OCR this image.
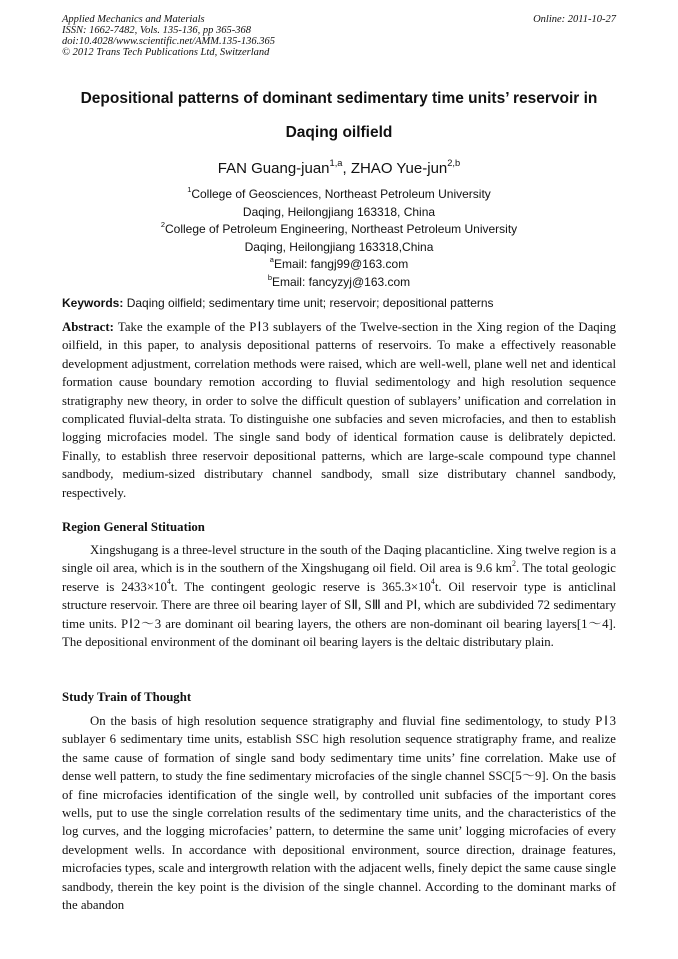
Applied Mechanics and Materials
ISSN: 1662-7482, Vols. 135-136, pp 365-368
doi:10.4028/www.scientific.net/AMM.135-136.365
© 2012 Trans Tech Publications Ltd, Switzerland
Online: 2011-10-27
Depositional patterns of dominant sedimentary time units’ reservoir in
Daqing oilfield
FAN Guang-juan$^{1,a}$, ZHAO Yue-jun$^{2,b}$
$^1$College of Geosciences, Northeast Petroleum University
Daqing, Heilongjiang 163318, China
$^2$College of Petroleum Engineering, Northeast Petroleum University
Daqing, Heilongjiang 163318,China
$^a$Email: fangj99@163.com
$^b$Email: fancyzyj@163.com
Keywords: Daqing oilfield; sedimentary time unit; reservoir; depositional patterns
Abstract: Take the example of the PⅠ3 sublayers of the Twelve-section in the Xing region of the Daqing oilfield, in this paper, to analysis depositional patterns of reservoirs. To make a effectively reasonable development adjustment, correlation methods were raised, which are well-well, plane well net and identical formation cause boundary remotion according to fluvial sedimentology and high resolution sequence stratigraphy new theory, in order to solve the difficult question of sublayers’ unification and correlation in complicated fluvial-delta strata. To distinguishe one subfacies and seven microfacies, and then to establish logging microfacies model. The single sand body of identical formation cause is delibrately depicted. Finally, to establish three reservoir depositional patterns, which are large-scale compound type channel sandbody, medium-sized distributary channel sandbody, small size distributary channel sandbody, respectively.
Region General Stituation
Xingshugang is a three-level structure in the south of the Daqing placanticline. Xing twelve region is a single oil area, which is in the southern of the Xingshugang oil field. Oil area is 9.6 $km^2$. The total geologic reserve is $2433\times 10^4t$. The contingent geologic reserve is $365.3\times 10^4t$. Oil reservoir type is anticlinal structure reservoir. There are three oil bearing layer of SⅡ, SⅢ and PⅠ, which are subdivided 72 sedimentary time units. PⅠ2～3 are dominant oil bearing layers, the others are non-dominant oil bearing layers[1～4]. The depositional environment of the dominant oil bearing layers is the deltaic distributary plain.
Study Train of Thought
On the basis of high resolution sequence stratigraphy and fluvial fine sedimentology, to study PⅠ3 sublayer 6 sedimentary time units, establish SSC high resolution sequence stratigraphy frame, and realize the same cause of formation of single sand body sedimentary time units’ fine correlation. Make use of dense well pattern, to study the fine sedimentary microfacies of the single channel SSC[5～9]. On the basis of fine microfacies identification of the single well, by controlled unit subfacies of the important cores wells, put to use the single correlation results of the sedimentary time units, and the characteristics of the log curves, and the logging microfacies’ pattern, to determine the same unit’ logging microfacies of every development wells. In accordance with depositional environment, source direction, drainage features, microfacies types, scale and intergrowth relation with the adjacent wells, finely depict the same cause single sandbody, therein the key point is the division of the single channel. According to the dominant marks of the abandon
